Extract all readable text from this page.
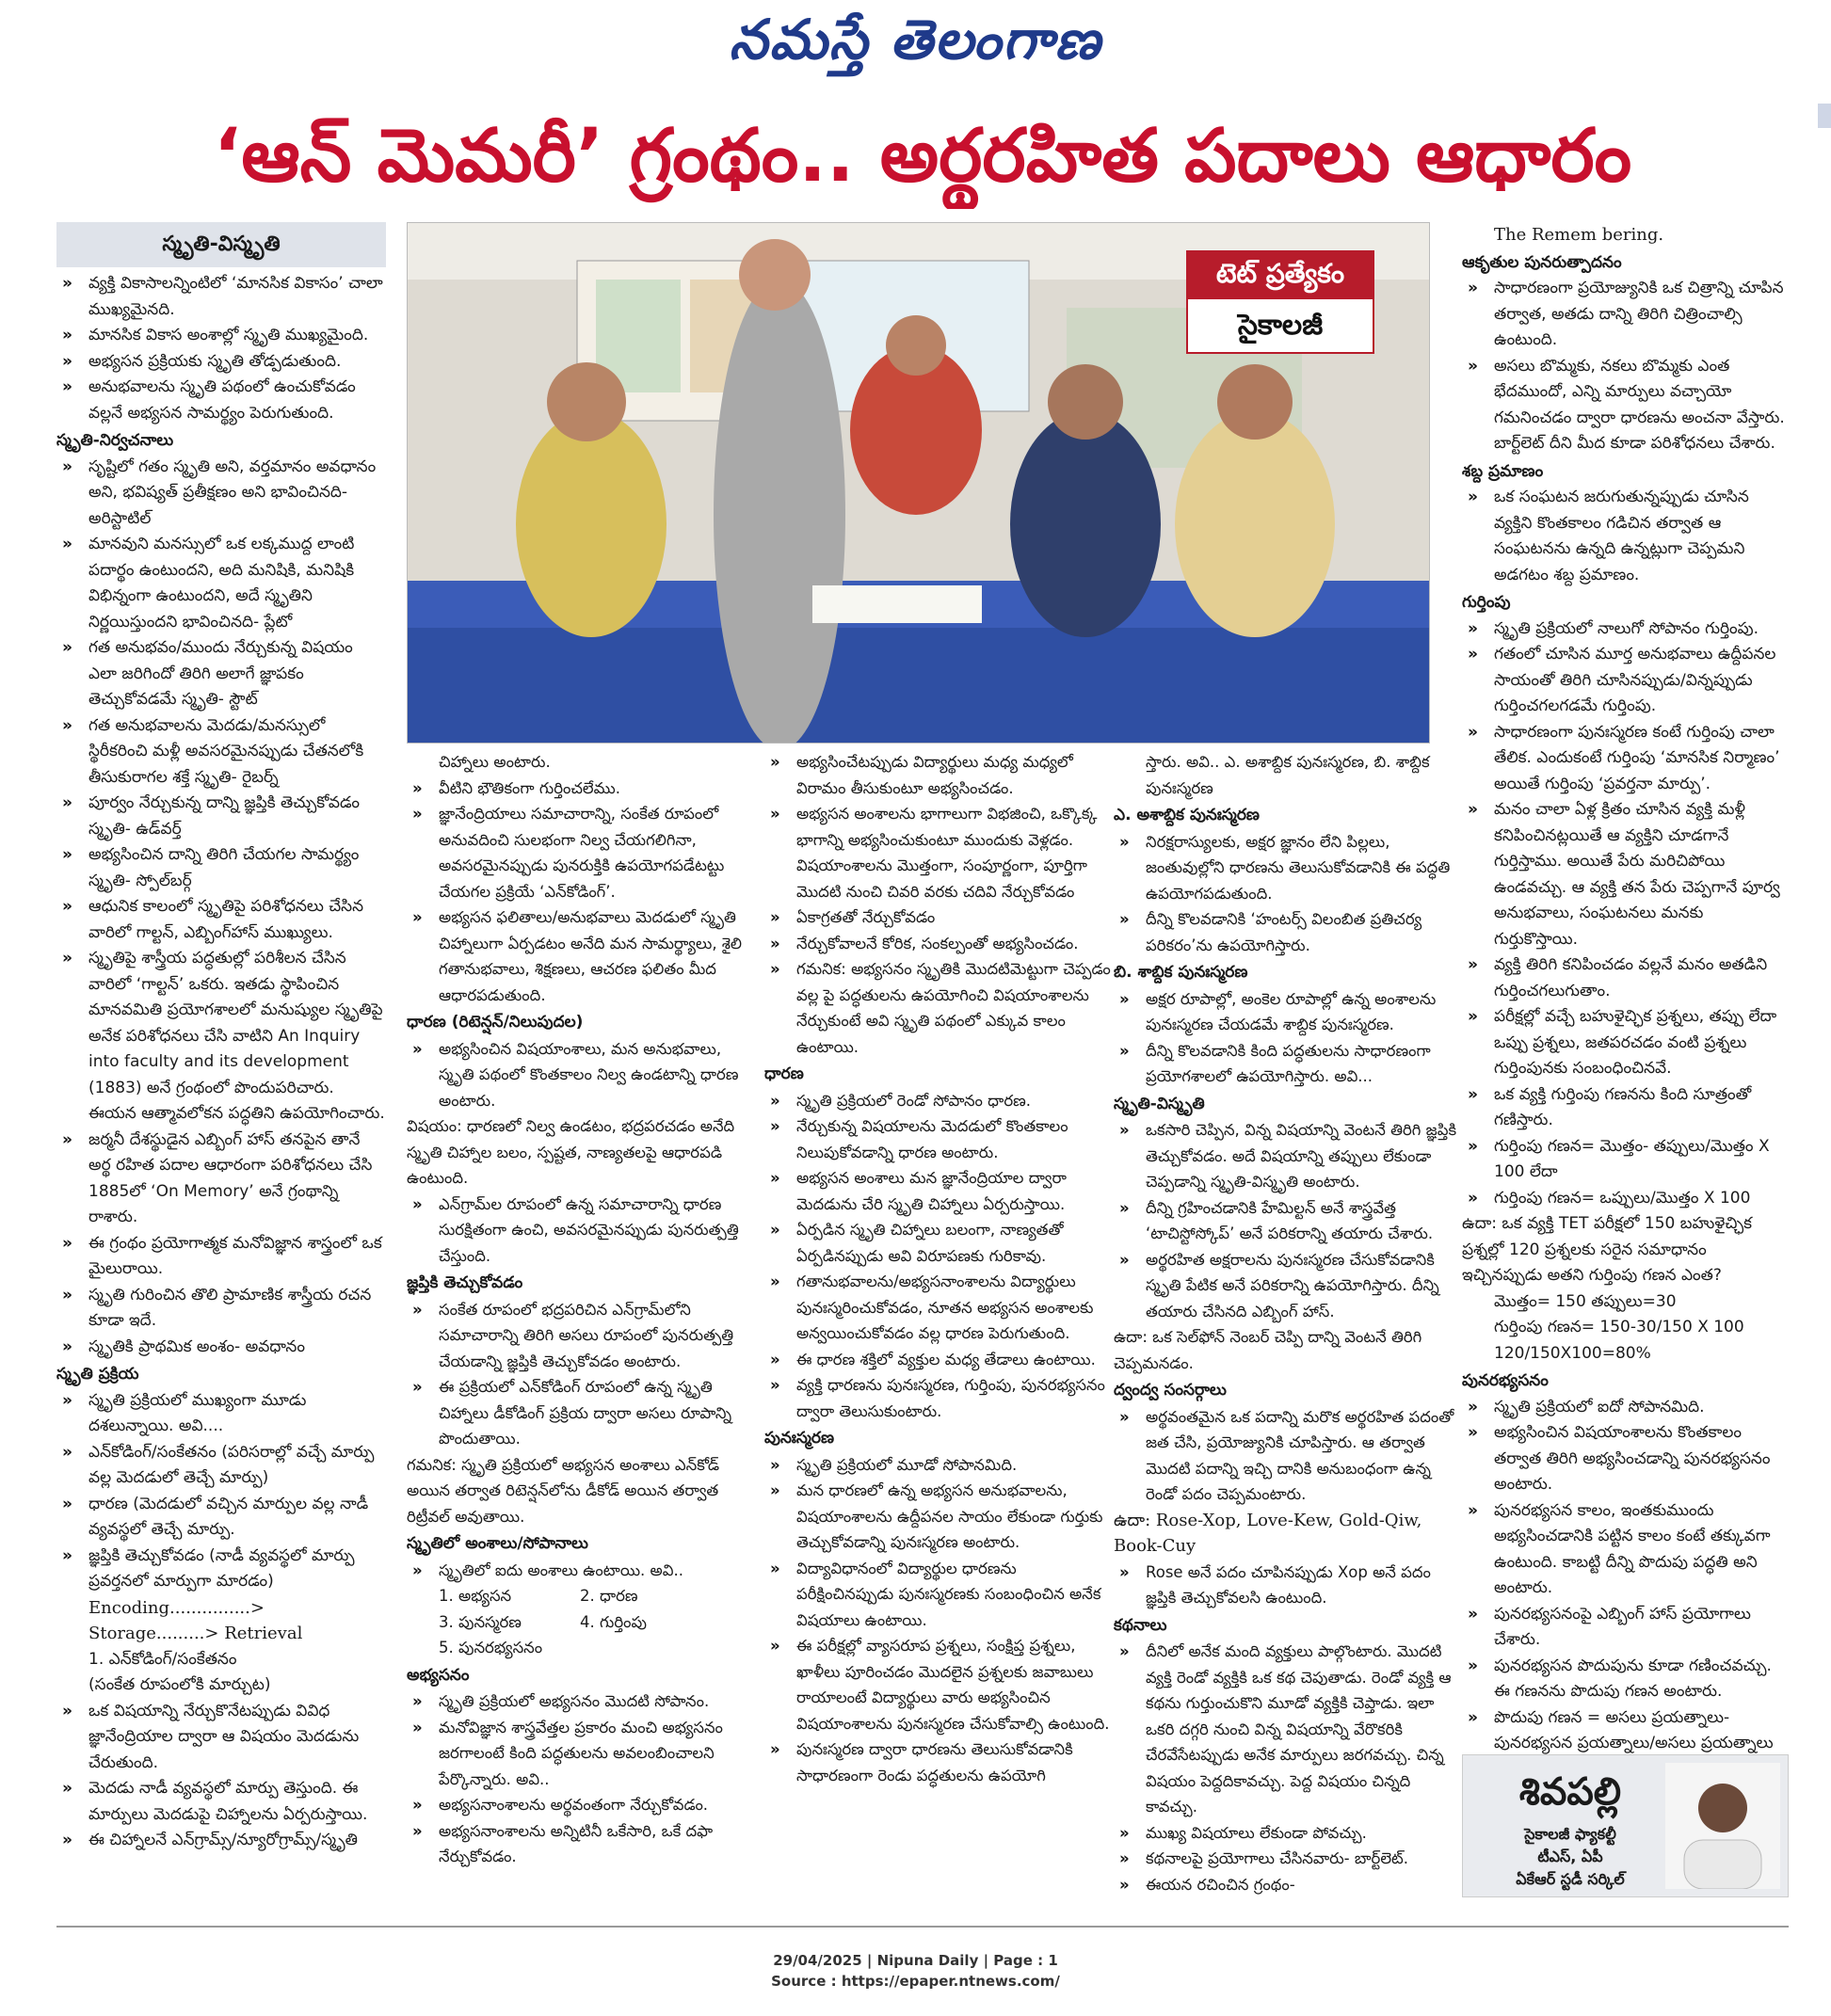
నమస్తే తెలంగాణ
‘ఆన్ మెమరీ’ గ్రంథం.. అర్థరహిత పదాలు ఆధారం
స్మృతి-విస్మృతి
» వ్యక్తి వికాసాలన్నింటిలో ‘మానసిక వికాసం’ చాలా ముఖ్యమైనది.
» మానసిక వికాస అంశాల్లో స్మృతి ముఖ్యమైంది.
» అభ్యసన ప్రక్రియకు స్మృతి తోడ్పడుతుంది.
» అనుభవాలను స్మృతి పథంలో ఉంచుకోవడం వల్లనే అభ్యసన సామర్థ్యం పెరుగుతుంది.
స్మృతి-నిర్వచనాలు
» సృష్టిలో గతం స్మృతి అని, వర్తమానం అవధానం అని, భవిష్యత్ ప్రతీక్షణం అని భావించినది- అరిస్టాటిల్
» మానవుని మనస్సులో ఒక లక్కముద్ద లాంటి పదార్థం ఉంటుందని, అది మనిషికి, మనిషికి విభిన్నంగా ఉంటుందని, అదే స్మృతిని నిర్ణయిస్తుందని భావించినది- ప్లేటో
» గత అనుభవం/ముందు నేర్చుకున్న విషయం ఎలా జరిగిందో తిరిగి అలాగే జ్ఞాపకం తెచ్చుకోవడమే స్మృతి- స్టౌట్
» గత అనుభవాలను మెదడు/మనస్సులో స్థిరీకరించి మళ్లీ అవసరమైనప్పుడు చేతనలోకి తీసుకురాగల శక్తే స్మృతి- రైబర్న్
» పూర్వం నేర్చుకున్న దాన్ని జ్ఞప్తికి తెచ్చుకోవడం స్మృతి- ఉడ్‌వర్త్
» అభ్యసించిన దాన్ని తిరిగి చేయగల సామర్థ్యం స్మృతి- స్పోల్‌బర్గ్
» ఆధునిక కాలంలో స్మృతిపై పరిశోధనలు చేసిన వారిలో గాల్టన్, ఎబ్బింగ్‌హాస్ ముఖ్యులు.
» స్మృతిపై శాస్త్రీయ పద్ధతుల్లో పరిశీలన చేసిన వారిలో ‘గాల్టన్’ ఒకరు. ఇతడు స్థాపించిన మానవమితి ప్రయోగశాలలో మనుష్యుల స్మృతిపై అనేక పరిశోధనలు చేసి వాటిని An Inquiry into faculty and its development (1883) అనే గ్రంథంలో పొందుపరిచారు. ఈయన ఆత్మావలోకన పద్ధతిని ఉపయోగించారు.
» జర్మనీ దేశస్థుడైన ఎబ్బింగ్ హాస్ తనపైన తానే అర్థ రహిత పదాల ఆధారంగా పరిశోధనలు చేసి 1885లో ‘On Memory’ అనే గ్రంథాన్ని రాశారు.
» ఈ గ్రంథం ప్రయోగాత్మక మనోవిజ్ఞాన శాస్త్రంలో ఒక మైలురాయి.
» స్మృతి గురించిన తొలి ప్రామాణిక శాస్త్రీయ రచన కూడా ఇదే.
» స్మృతికి ప్రాథమిక అంశం- అవధానం
స్మృతి ప్రక్రియ
» స్మృతి ప్రక్రియలో ముఖ్యంగా మూడు దశలున్నాయి. అవి....
» ఎన్‌కోడింగ్/సంకేతనం (పరిసరాల్లో వచ్చే మార్పు వల్ల మెదడులో తెచ్చే మార్పు)
» ధారణ (మెదడులో వచ్చిన మార్పుల వల్ల నాడీ వ్యవస్థలో తెచ్చే మార్పు.
» జ్ఞప్తికి తెచ్చుకోవడం (నాడీ వ్యవస్థలో మార్పు ప్రవర్తనలో మార్పుగా మారడం)
Encoding...............> Storage.........> Retrieval
1. ఎన్‌కోడింగ్/సంకేతనం
(సంకేత రూపంలోకి మార్చుట)
» ఒక విషయాన్ని నేర్చుకొనేటప్పుడు వివిధ జ్ఞానేంద్రియాల ద్వారా ఆ విషయం మెదడును చేరుతుంది.
» మెదడు నాడీ వ్యవస్థలో మార్పు తెస్తుంది. ఈ మార్పులు మెదడుపై చిహ్నాలను ఏర్పరుస్తాయి.
» ఈ చిహ్నాలనే ఎన్‌గ్రామ్స్/న్యూరోగ్రామ్స్/స్మృతి
టెట్ ప్రత్యేకం
సైకాలజీ
చిహ్నాలు అంటారు.
» వీటిని భౌతికంగా గుర్తించలేము.
» జ్ఞానేంద్రియాలు సమాచారాన్ని, సంకేత రూపంలో అనువదించి సులభంగా నిల్వ చేయగలిగినా, అవసరమైనప్పుడు పునరుక్తికి ఉపయోగపడేటట్టు చేయగల ప్రక్రియే ‘ఎన్‌కోడింగ్’.
» అభ్యసన ఫలితాలు/అనుభవాలు మెదడులో స్మృతి చిహ్నాలుగా ఏర్పడటం అనేది మన సామర్థ్యాలు, శైలి గతానుభవాలు, శిక్షణలు, ఆచరణ ఫలితం మీద ఆధారపడుతుంది.
ధారణ (రిటెన్షన్/నిలుపుదల)
» అభ్యసించిన విషయాంశాలు, మన అనుభవాలు, స్మృతి పథంలో కొంతకాలం నిల్వ ఉండటాన్ని ధారణ అంటారు.
విషయం: ధారణలో నిల్వ ఉండటం, భద్రపరచడం అనేది స్మృతి చిహ్నాల బలం, స్పష్టత, నాణ్యతలపై ఆధారపడి ఉంటుంది.
» ఎన్‌గ్రామ్‌ల రూపంలో ఉన్న సమాచారాన్ని ధారణ సురక్షితంగా ఉంచి, అవసరమైనప్పుడు పునరుత్పత్తి చేస్తుంది.
జ్ఞప్తికి తెచ్చుకోవడం
» సంకేత రూపంలో భద్రపరిచిన ఎన్‌గ్రామ్‌లోని సమాచారాన్ని తిరిగి అసలు రూపంలో పునరుత్పత్తి చేయడాన్ని జ్ఞప్తికి తెచ్చుకోవడం అంటారు.
» ఈ ప్రక్రియలో ఎన్‌కోడింగ్ రూపంలో ఉన్న స్మృతి చిహ్నాలు డీకోడింగ్ ప్రక్రియ ద్వారా అసలు రూపాన్ని పొందుతాయి.
గమనిక: స్మృతి ప్రక్రియలో అభ్యసన అంశాలు ఎన్‌కోడ్ అయిన తర్వాత రిటెన్షన్‌లోను డీకోడ్ అయిన తర్వాత రిట్రీవల్ అవుతాయి.
స్మృతిలో అంశాలు/సోపానాలు
» స్మృతిలో ఐదు అంశాలు ఉంటాయి. అవి..
1. అభ్యసన	2. ధారణ
3. పునస్మరణ	4. గుర్తింపు
5. పునరభ్యసనం
అభ్యసనం
» స్మృతి ప్రక్రియలో అభ్యసనం మొదటి సోపానం.
» మనోవిజ్ఞాన శాస్త్రవేత్తల ప్రకారం మంచి అభ్యసనం జరగాలంటే కింది పద్ధతులను అవలంబించాలని పేర్కొన్నారు. అవి..
» అభ్యసనాంశాలను అర్థవంతంగా నేర్చుకోవడం.
» అభ్యసనాంశాలను అన్నిటినీ ఒకేసారి, ఒకే దఫా నేర్చుకోవడం.
» అభ్యసించేటప్పుడు విద్యార్థులు మధ్య మధ్యలో విరామం తీసుకుంటూ అభ్యసించడం.
» అభ్యసన అంశాలను భాగాలుగా విభజించి, ఒక్కొక్క భాగాన్ని అభ్యసించుకుంటూ ముందుకు వెళ్లడం. విషయాంశాలను మొత్తంగా, సంపూర్ణంగా, పూర్తిగా మొదటి నుంచి చివరి వరకు చదివి నేర్చుకోవడం
» ఏకాగ్రతతో నేర్చుకోవడం
» నేర్చుకోవాలనే కోరిక, సంకల్పంతో అభ్యసించడం.
» గమనిక: అభ్యసనం స్మృతికి మొదటిమెట్టుగా చెప్పడం వల్ల పై పద్ధతులను ఉపయోగించి విషయాంశాలను నేర్చుకుంటే అవి స్మృతి పథంలో ఎక్కువ కాలం ఉంటాయి.
ధారణ
» స్మృతి ప్రక్రియలో రెండో సోపానం ధారణ.
» నేర్చుకున్న విషయాలను మెదడులో కొంతకాలం నిలుపుకోవడాన్ని ధారణ అంటారు.
» అభ్యసన అంశాలు మన జ్ఞానేంద్రియాల ద్వారా మెదడును చేరి స్మృతి చిహ్నాలు ఏర్పరుస్తాయి.
» ఏర్పడిన స్మృతి చిహ్నాలు బలంగా, నాణ్యతతో ఏర్పడినప్పుడు అవి విరూపణకు గురికావు.
» గతానుభవాలను/అభ్యసనాంశాలను విద్యార్థులు పునఃస్మరించుకోవడం, నూతన అభ్యసన అంశాలకు అన్వయించుకోవడం వల్ల ధారణ పెరుగుతుంది.
» ఈ ధారణ శక్తిలో వ్యక్తుల మధ్య తేడాలు ఉంటాయి.
» వ్యక్తి ధారణను పునఃస్మరణ, గుర్తింపు, పునరభ్యసనం ద్వారా తెలుసుకుంటారు.
పునఃస్మరణ
» స్మృతి ప్రక్రియలో మూడో సోపానమిది.
» మన ధారణలో ఉన్న అభ్యసన అనుభవాలను, విషయాంశాలను ఉద్దీపనల సాయం లేకుండా గుర్తుకు తెచ్చుకోవడాన్ని పునఃస్మరణ అంటారు.
» విద్యావిధానంలో విద్యార్థుల ధారణను పరీక్షించినప్పుడు పునఃస్మరణకు సంబంధించిన అనేక విషయాలు ఉంటాయి.
» ఈ పరీక్షల్లో వ్యాసరూప ప్రశ్నలు, సంక్షిప్త ప్రశ్నలు, ఖాళీలు పూరించడం మొదలైన ప్రశ్నలకు జవాబులు రాయాలంటే విద్యార్థులు వారు అభ్యసించిన విషయాంశాలను పునఃస్మరణ చేసుకోవాల్సి ఉంటుంది.
» పునఃస్మరణ ద్వారా ధారణను తెలుసుకోవడానికి సాధారణంగా రెండు పద్ధతులను ఉపయోగి
స్తారు. అవి.. ఎ. అశాబ్దిక పునఃస్మరణ, బి. శాబ్దిక పునఃస్మరణ
ఎ. అశాబ్దిక పునఃస్మరణ
» నిరక్షరాస్యులకు, అక్షర జ్ఞానం లేని పిల్లలు, జంతువుల్లోని ధారణను తెలుసుకోవడానికి ఈ పద్ధతి ఉపయోగపడుతుంది.
» దీన్ని కొలవడానికి ‘హంటర్స్ విలంబిత ప్రతిచర్య పరికరం’ను ఉపయోగిస్తారు.
బి. శాబ్దిక పునఃస్మరణ
» అక్షర రూపాల్లో, అంకెల రూపాల్లో ఉన్న అంశాలను పునఃస్మరణ చేయడమే శాబ్దిక పునఃస్మరణ.
» దీన్ని కొలవడానికి కింది పద్ధతులను సాధారణంగా ప్రయోగశాలలో ఉపయోగిస్తారు. అవి...
స్మృతి-విస్మృతి
» ఒకసారి చెప్పిన, విన్న విషయాన్ని వెంటనే తిరిగి జ్ఞప్తికి తెచ్చుకోవడం. అదే విషయాన్ని తప్పులు లేకుండా చెప్పడాన్ని స్మృతి-విస్మృతి అంటారు.
» దీన్ని గ్రహించడానికి హేమిల్టన్ అనే శాస్త్రవేత్త ‘టాచిస్టోస్కోప్’ అనే పరికరాన్ని తయారు చేశారు.
» అర్థరహిత అక్షరాలను పునఃస్మరణ చేసుకోవడానికి స్మృతి పేటిక అనే పరికరాన్ని ఉపయోగిస్తారు. దీన్ని తయారు చేసినది ఎబ్బింగ్ హాస్.
ఉదా: ఒక సెల్‌ఫోన్ నెంబర్ చెప్పి దాన్ని వెంటనే తిరిగి చెప్పమనడం.
ద్వంద్వ సంసర్గాలు
» అర్థవంతమైన ఒక పదాన్ని మరొక అర్థరహిత పదంతో జత చేసి, ప్రయోజ్యునికి చూపిస్తారు. ఆ తర్వాత మొదటి పదాన్ని ఇచ్చి దానికి అనుబంధంగా ఉన్న రెండో పదం చెప్పమంటారు.
ఉదా: Rose-Xop, Love-Kew, Gold-Qiw, Book-Cuy
» Rose అనే పదం చూపినప్పుడు Xop అనే పదం జ్ఞప్తికి తెచ్చుకోవలసి ఉంటుంది.
కథనాలు
» దీనిలో అనేక మంది వ్యక్తులు పాల్గొంటారు. మొదటి వ్యక్తి రెండో వ్యక్తికి ఒక కథ చెపుతాడు. రెండో వ్యక్తి ఆ కథను గుర్తుంచుకొని మూడో వ్యక్తికి చెప్తాడు. ఇలా ఒకరి దగ్గరి నుంచి విన్న విషయాన్ని వేరొకరికి చేరవేసేటప్పుడు అనేక మార్పులు జరగవచ్చు. చిన్న విషయం పెద్దదికావచ్చు. పెద్ద విషయం చిన్నది కావచ్చు.
» ముఖ్య విషయాలు లేకుండా పోవచ్చు.
» కథనాలపై ప్రయోగాలు చేసినవారు- బార్ట్‌లెట్.
» ఈయన రచించిన గ్రంథం-
The Remem bering.
ఆకృతుల పునరుత్పాదనం
» సాధారణంగా ప్రయోజ్యునికి ఒక చిత్రాన్ని చూపిన తర్వాత, అతడు దాన్ని తిరిగి చిత్రించాల్సి ఉంటుంది.
» అసలు బొమ్మకు, నకలు బొమ్మకు ఎంత భేదముందో, ఎన్ని మార్పులు వచ్చాయో గమనించడం ద్వారా ధారణను అంచనా వేస్తారు. బార్ట్‌లెట్ దీని మీద కూడా పరిశోధనలు చేశారు.
శబ్ద ప్రమాణం
» ఒక సంఘటన జరుగుతున్నప్పుడు చూసిన వ్యక్తిని కొంతకాలం గడిచిన తర్వాత ఆ సంఘటనను ఉన్నది ఉన్నట్లుగా చెప్పమని అడగటం శబ్ద ప్రమాణం.
గుర్తింపు
» స్మృతి ప్రక్రియలో నాలుగో సోపానం గుర్తింపు.
» గతంలో చూసిన మూర్త అనుభవాలు ఉద్దీపనల సాయంతో తిరిగి చూసినప్పుడు/విన్నప్పుడు గుర్తించగలగడమే గుర్తింపు.
» సాధారణంగా పునఃస్మరణ కంటే గుర్తింపు చాలా తేలిక. ఎందుకంటే గుర్తింపు ‘మానసిక నిర్మాణం’ అయితే గుర్తింపు ‘ప్రవర్తనా మార్పు’.
» మనం చాలా ఏళ్ల క్రితం చూసిన వ్యక్తి మళ్లీ కనిపించినట్లయితే ఆ వ్యక్తిని చూడగానే గుర్తిస్తాము. అయితే పేరు మరిచిపోయి ఉండవచ్చు. ఆ వ్యక్తి తన పేరు చెప్పగానే పూర్వ అనుభవాలు, సంఘటనలు మనకు గుర్తుకొస్తాయి.
» వ్యక్తి తిరిగి కనిపించడం వల్లనే మనం అతడిని గుర్తించగలుగుతాం.
» పరీక్షల్లో వచ్చే బహుళైచ్ఛిక ప్రశ్నలు, తప్పు లేదా ఒప్పు ప్రశ్నలు, జతపరచడం వంటి ప్రశ్నలు గుర్తింపునకు సంబంధించినవే.
» ఒక వ్యక్తి గుర్తింపు గణనను కింది సూత్రంతో గణిస్తారు.
» గుర్తింపు గణన= మొత్తం- తప్పులు/మొత్తం X 100 లేదా
» గుర్తింపు గణన= ఒప్పులు/మొత్తం X 100
ఉదా: ఒక వ్యక్తి TET పరీక్షలో 150 బహుళైచ్ఛిక ప్రశ్నల్లో 120 ప్రశ్నలకు సరైన సమాధానం ఇచ్చినప్పుడు అతని గుర్తింపు గణన ఎంత?
మొత్తం= 150 తప్పులు=30
గుర్తింపు గణన= 150-30/150 X 100
120/150X100=80%
పునరభ్యసనం
» స్మృతి ప్రక్రియలో ఐదో సోపానమిది.
» అభ్యసించిన విషయాంశాలను కొంతకాలం తర్వాత తిరిగి అభ్యసించడాన్ని పునరభ్యసనం అంటారు.
» పునరభ్యసన కాలం, ఇంతకుముందు అభ్యసించడానికి పట్టిన కాలం కంటే తక్కువగా ఉంటుంది. కాబట్టి దీన్ని పొదుపు పద్ధతి అని అంటారు.
» పునరభ్యసనంపై ఎబ్బింగ్ హాస్ ప్రయోగాలు చేశారు.
» పునరభ్యసన పొదుపును కూడా గణించవచ్చు. ఈ గణనను పొదుపు గణన అంటారు.
» పొదుపు గణన = అసలు ప్రయత్నాలు- పునరభ్యసన ప్రయత్నాలు/అసలు ప్రయత్నాలు
శివపల్లి
సైకాలజీ ఫ్యాకల్టీ
టీఎస్, ఏపీ
ఏకేఆర్ స్టడీ సర్కిల్
29/04/2025 | Nipuna Daily | Page : 1
Source : https://epaper.ntnews.com/
